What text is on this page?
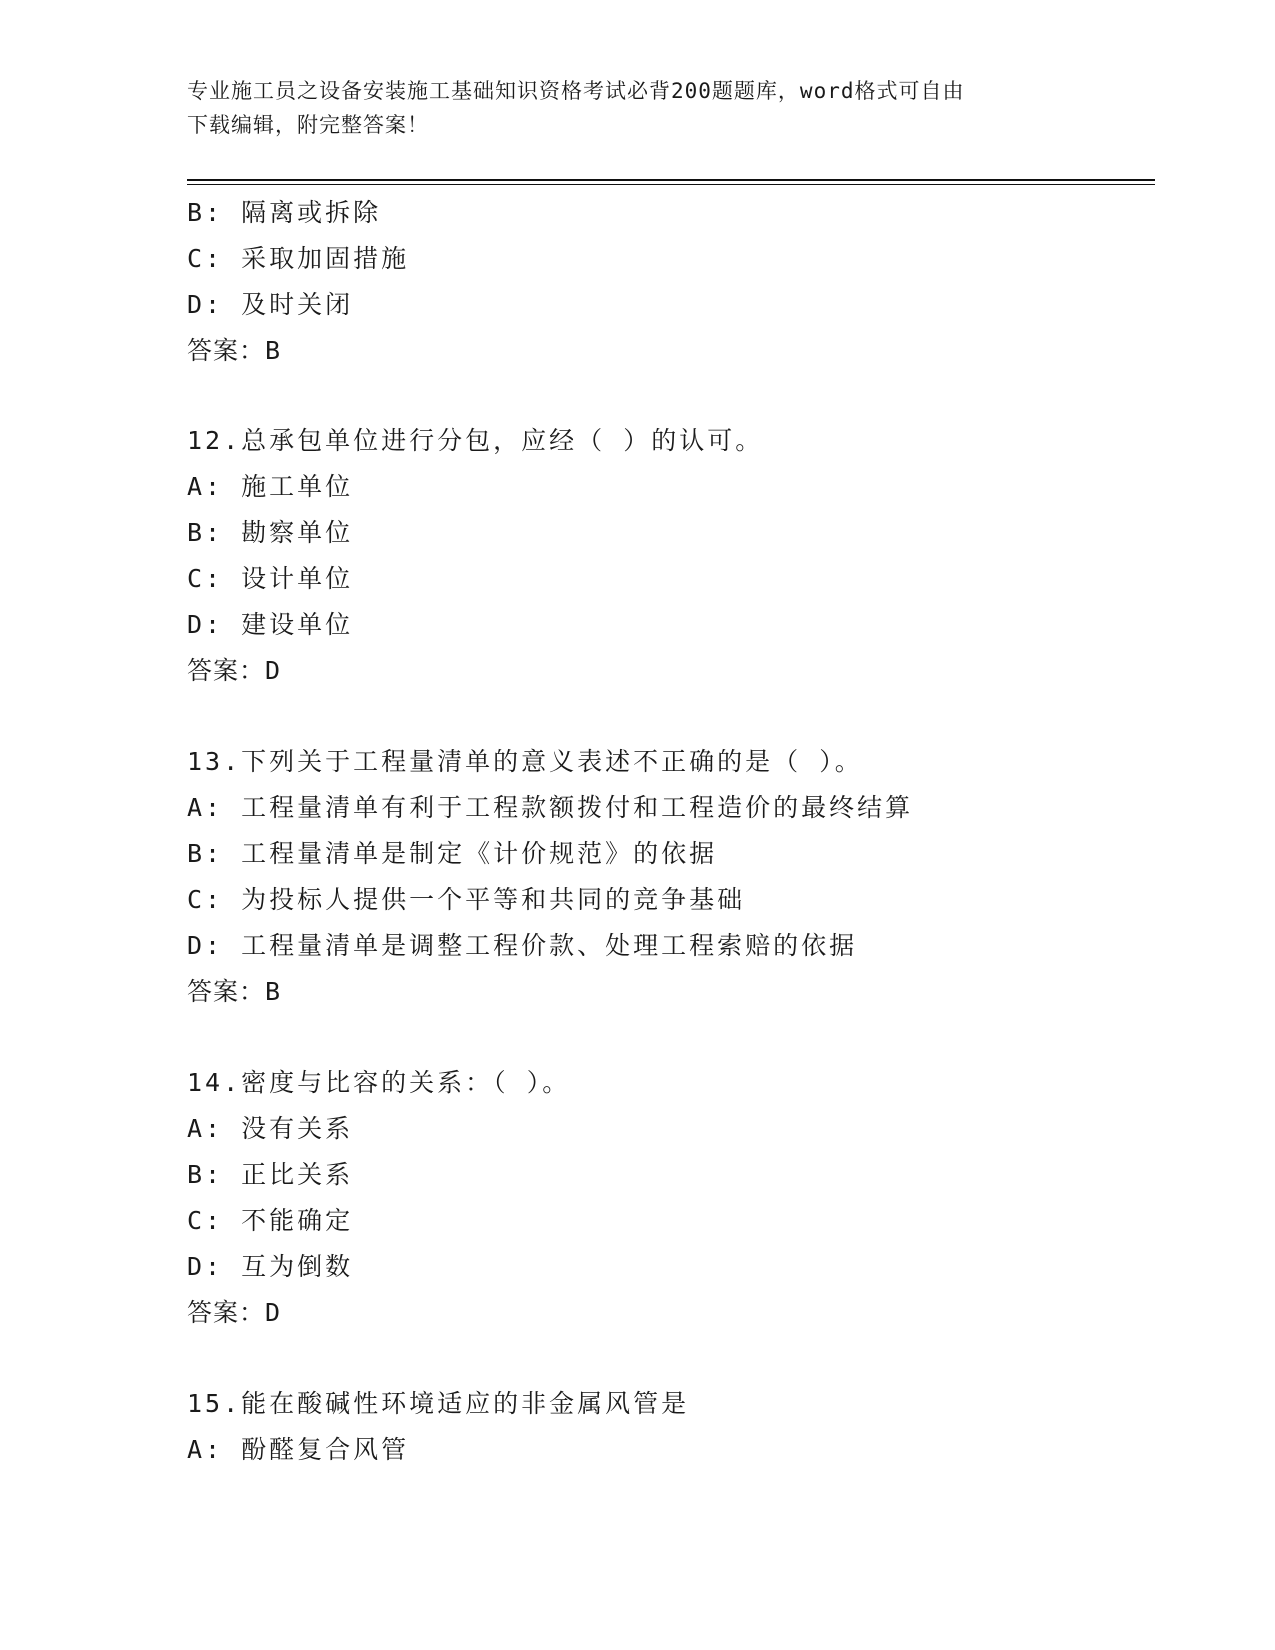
专业施工员之设备安装施工基础知识资格考试必背200题题库，word格式可自由
下载编辑，附完整答案！
B: 隔离或拆除
C: 采取加固措施
D: 及时关闭
答案：B
12.总承包单位进行分包，应经（ ）的认可。
A: 施工单位
B: 勘察单位
C: 设计单位
D: 建设单位
答案：D
13.下列关于工程量清单的意义表述不正确的是（ ）。
A: 工程量清单有利于工程款额拨付和工程造价的最终结算
B: 工程量清单是制定《计价规范》的依据
C: 为投标人提供一个平等和共同的竞争基础
D: 工程量清单是调整工程价款、处理工程索赔的依据
答案：B
14.密度与比容的关系：（ ）。
A: 没有关系
B: 正比关系
C: 不能确定
D: 互为倒数
答案：D
15.能在酸碱性环境适应的非金属风管是
A: 酚醛复合风管
